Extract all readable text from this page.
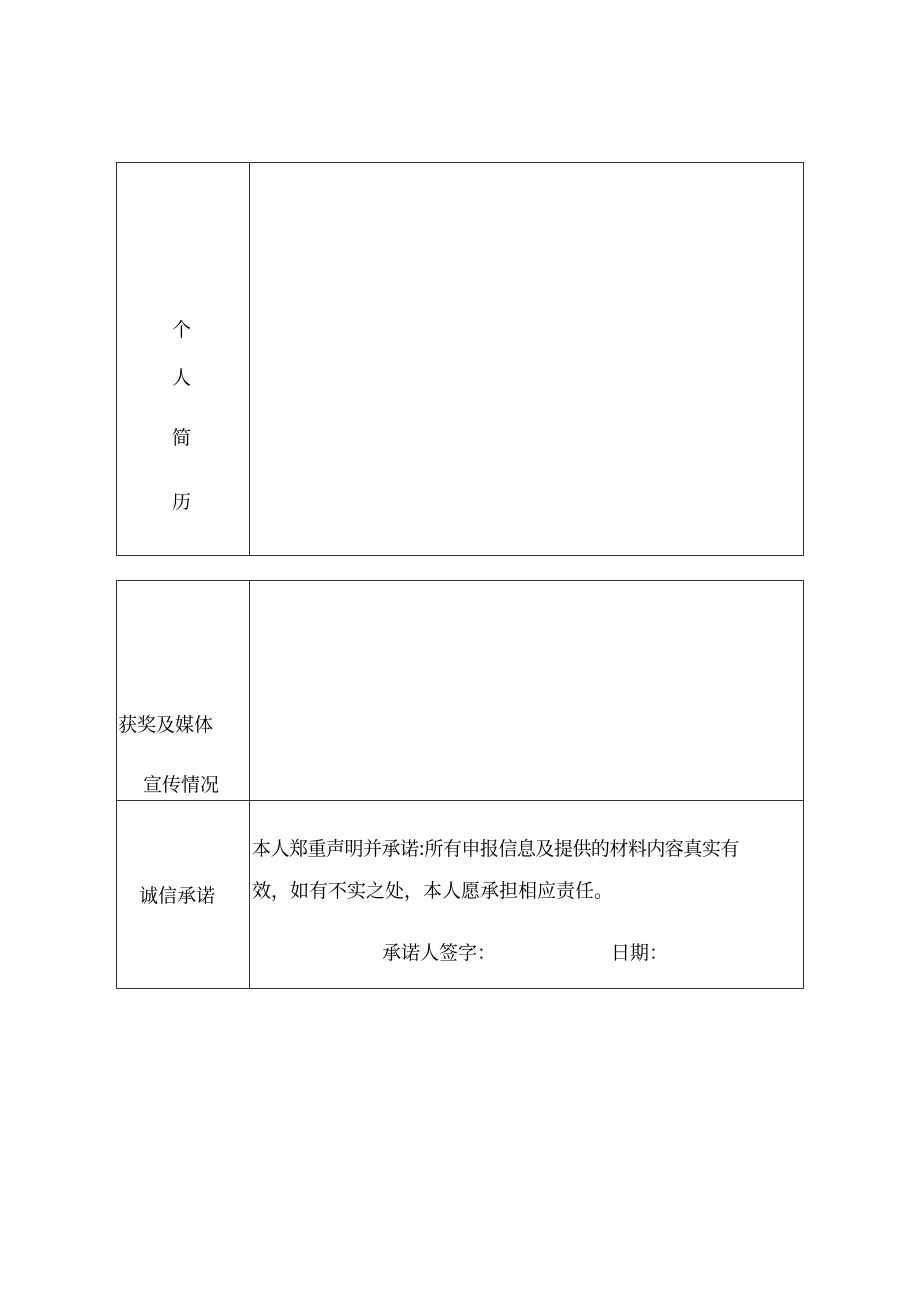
个
人
简
历
获奖及媒体
宣传情况
诚信承诺
本人郑重声明并承诺:所有申报信息及提供的材料内容真实有
效，如有不实之处，本人愿承担相应责任。
承诺人签字：	日期：
